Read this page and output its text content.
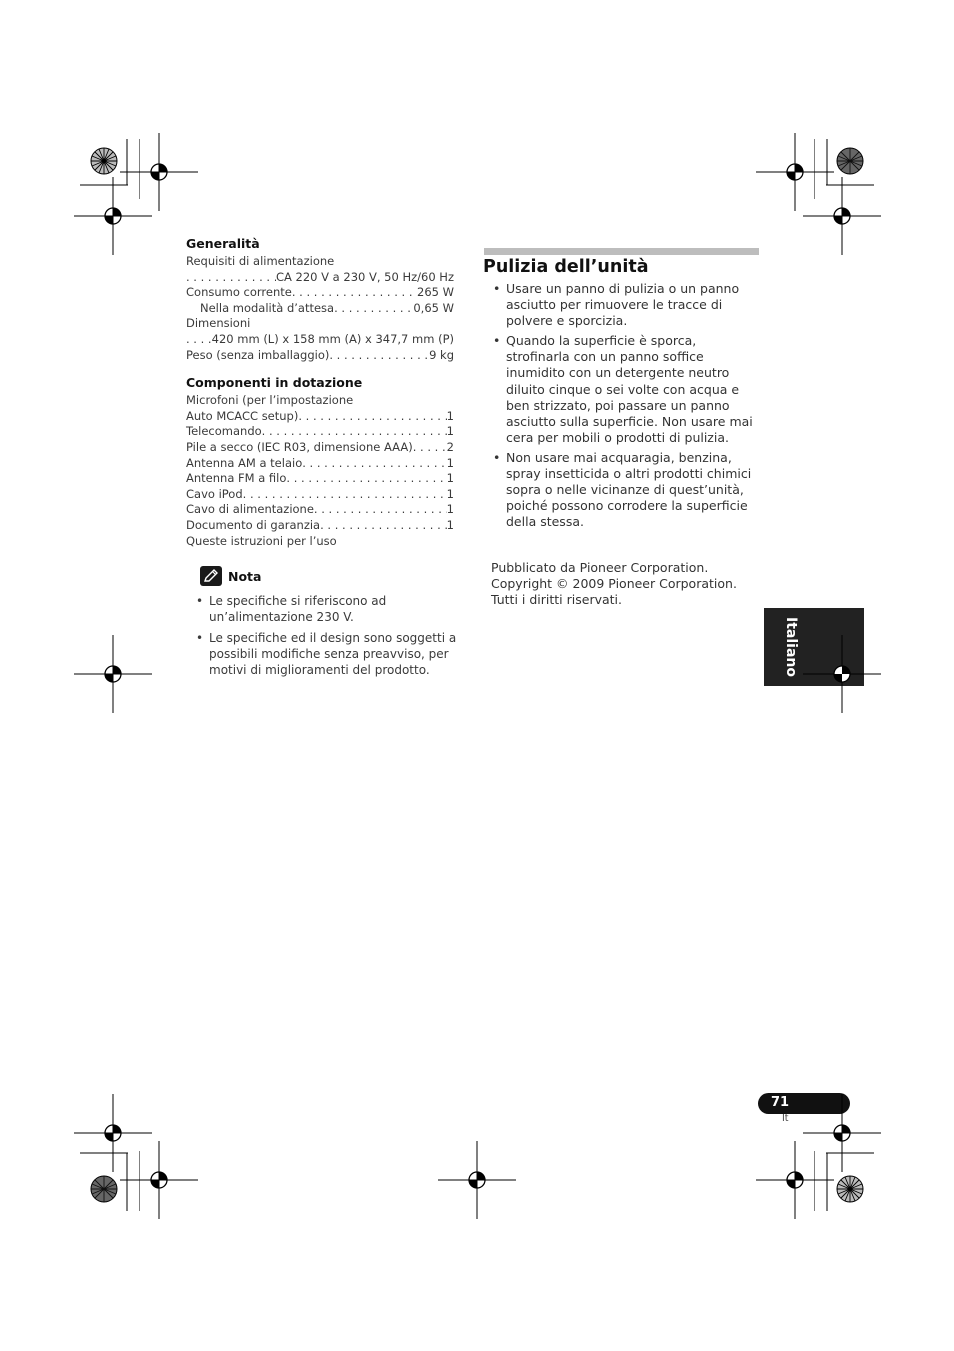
Generalità
Requisiti di alimentazione
. . .
CA 220 V a 230 V, 50 Hz/60 Hz
Consumo corrente . . .	265 W
Nella modalità d’attesa . . .	0,65 W
Dimensioni
. . .
420 mm (L) x 158 mm (A) x 347,7 mm (P)
Peso (senza imballaggio) . . .	9 kg
Componenti in dotazione
Microfoni (per l’impostazione
Auto MCACC setup) . . .	1
Telecomando . . .	1
Pile a secco (IEC R03, dimensione AAA) . . .	2
Antenna AM a telaio . . .	1
Antenna FM a filo . . .	1
Cavo iPod . . .	1
Cavo di alimentazione . . .	1
Documento di garanzia . . .	1
Queste istruzioni per l’uso
Nota
• Le specifiche si riferiscono ad un’alimentazione 230 V.
• Le specifiche ed il design sono soggetti a possibili modifiche senza preavviso, per motivi di miglioramenti del prodotto.
Pulizia dell’unità
• Usare un panno di pulizia o un panno asciutto per rimuovere le tracce di polvere e sporcizia.
• Quando la superficie è sporca, strofinarla con un panno soffice inumidito con un detergente neutro diluito cinque o sei volte con acqua e ben strizzato, poi passare un panno asciutto sulla superficie. Non usare mai cera per mobili o prodotti di pulizia.
• Non usare mai acquaragia, benzina, spray insetticida o altri prodotti chimici sopra o nelle vicinanze di quest’unità, poiché possono corrodere la superficie della stessa.
Pubblicato da Pioneer Corporation.
Copyright © 2009 Pioneer Corporation.
Tutti i diritti riservati.
Italiano
71
It
